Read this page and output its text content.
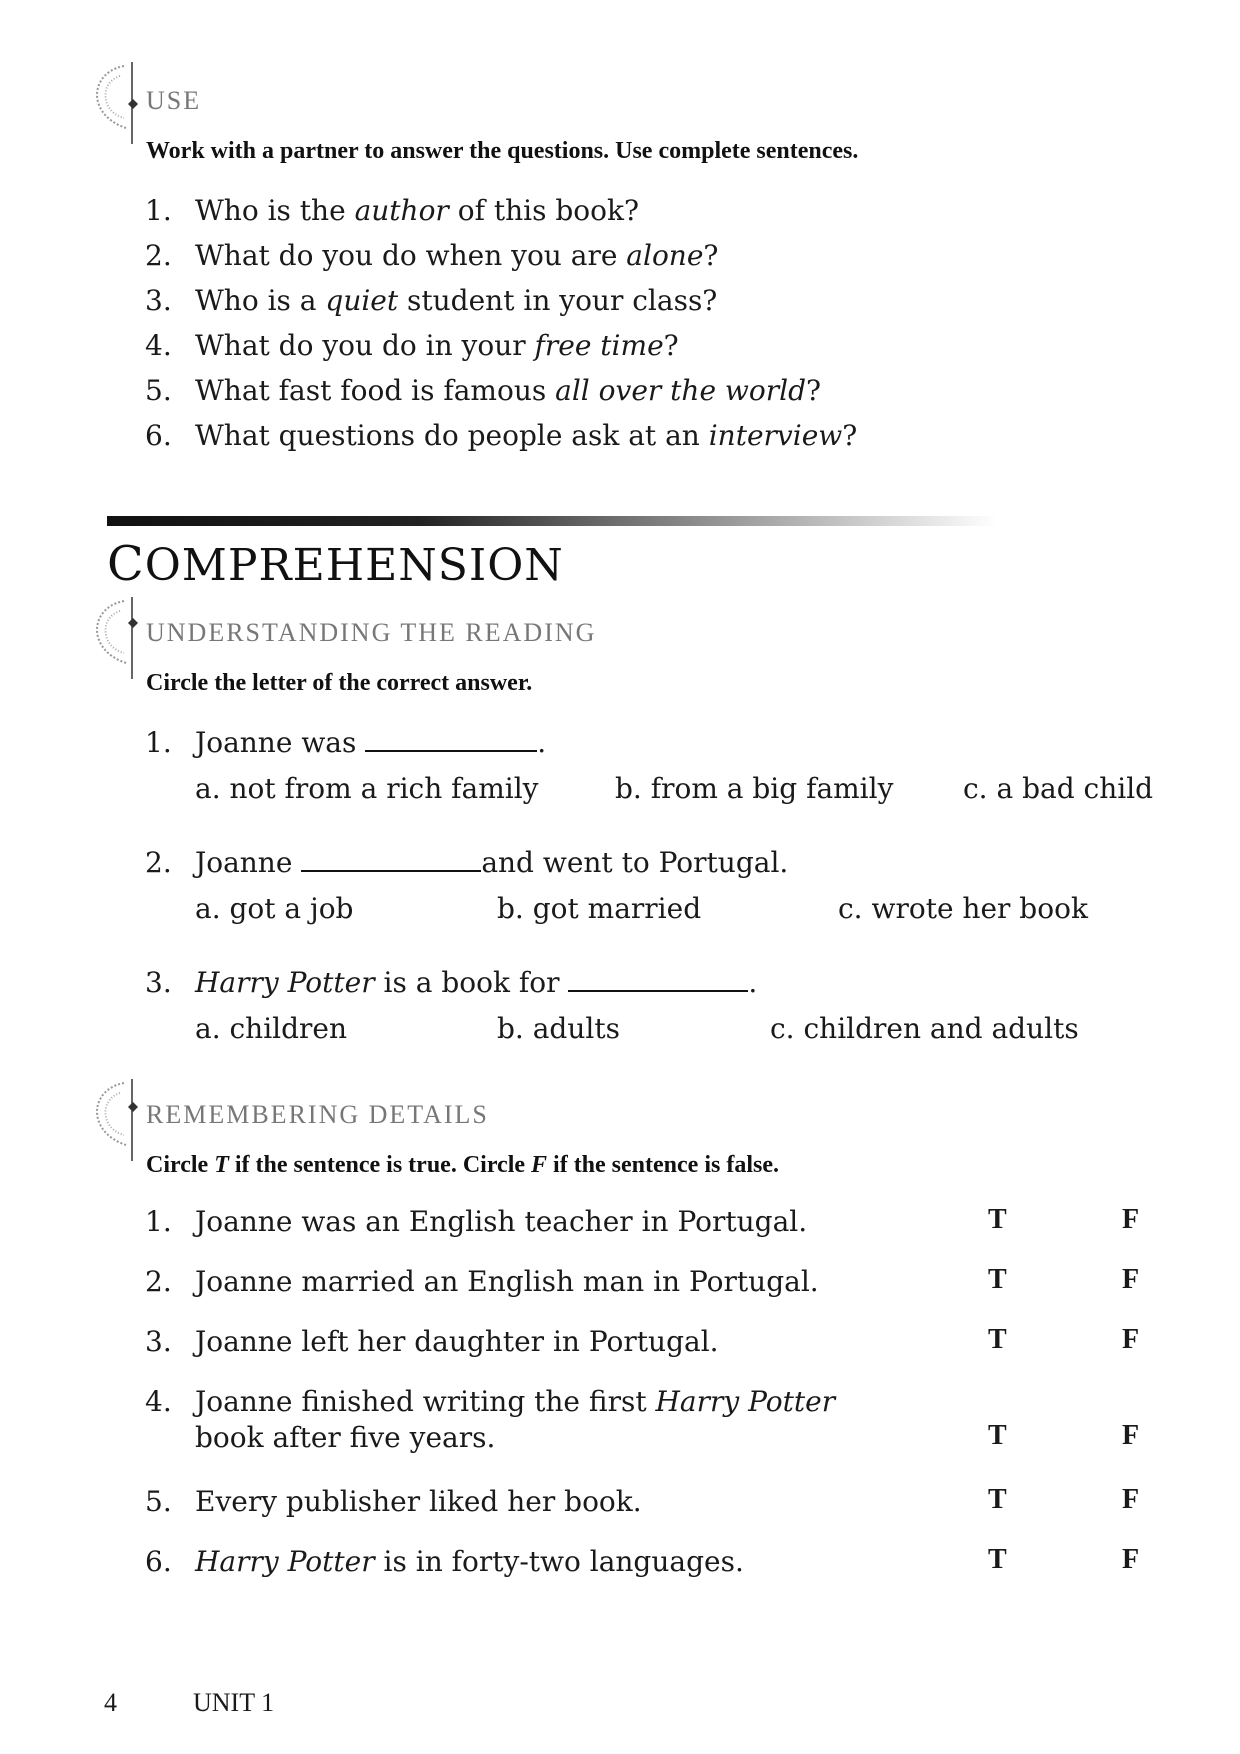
USE
Work with a partner to answer the questions. Use complete sentences.
1. Who is the author of this book?
2. What do you do when you are alone?
3. Who is a quiet student in your class?
4. What do you do in your free time?
5. What fast food is famous all over the world?
6. What questions do people ask at an interview?
COMPREHENSION
UNDERSTANDING THE READING
Circle the letter of the correct answer.
1. Joanne was	.
a. not from a rich family	b. from a big family c. a bad child
2. Joanne	and went to Portugal.
a. got a job	b. got married	c. wrote her book
3. Harry Potter is a book for	.
a. children	b. adults	c. children and adults
REMEMBERING DETAILS
Circle T if the sentence is true. Circle F if the sentence is false.
1. Joanne was an English teacher in Portugal.	T	F
2. Joanne married an English man in Portugal.	T	F
3. Joanne left her daughter in Portugal.	T	F
4. Joanne finished writing the first Harry Potter
book after five years.	T	F
5. Every publisher liked her book.	T	F
6. Harry Potter is in forty-two languages.	T	F
4	UNIT 1
